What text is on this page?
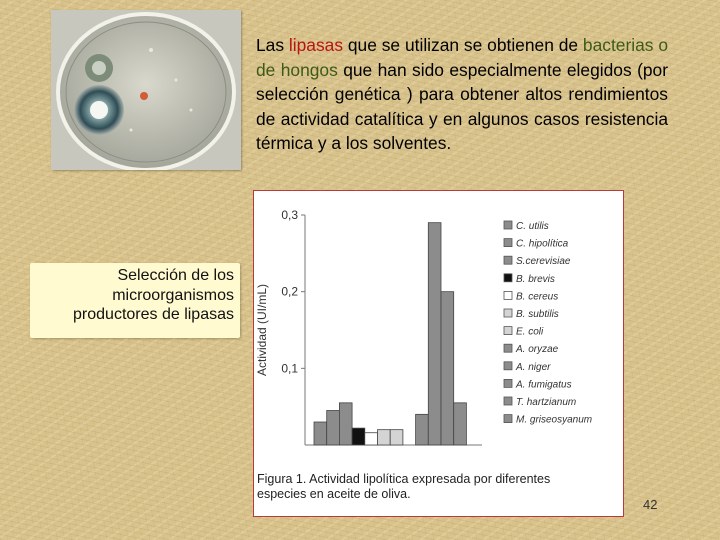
Las lipasas que se utilizan se obtienen de bacterias o de hongos que han sido especialmente elegidos (por selección genética ) para obtener altos rendimientos de actividad catalítica y en algunos casos resistencia térmica y a los solventes.
Selección de los microorganismos productores de lipasas
0,1
0,2
0,3
Actividad (UI/mL)
C. utilis
C. hipolítica
S.cerevisiae
B. brevis
B. cereus
B. subtilis
E. coli
A. oryzae
A. niger
A. fumigatus
T. hartzianum
M. griseosyanum
Figura 1. Actividad lipolítica expresada por diferentes especies en aceite de oliva.
42
